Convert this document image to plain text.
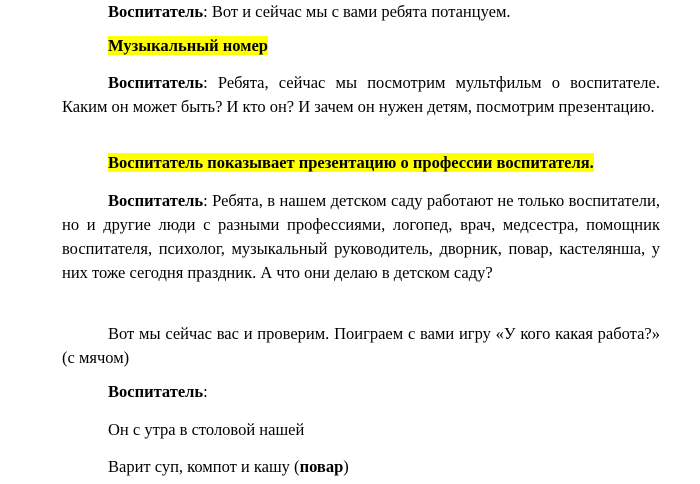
Воспитатель: Вот и сейчас мы с вами ребята потанцуем.

Музыкальный номер

Воспитатель: Ребята, сейчас мы посмотрим мультфильм о воспитателе. Каким он может быть? И кто он? И зачем он нужен детям, посмотрим презентацию.

Воспитатель показывает презентацию о профессии воспитателя.

Воспитатель: Ребята, в нашем детском саду работают не только воспитатели, но и другие люди с разными профессиями, логопед, врач, медсестра, помощник воспитателя, психолог, музыкальный руководитель, дворник, повар, кастелянша, у них тоже сегодня праздник. А что они делаю в детском саду?

Вот мы сейчас вас и проверим. Поиграем с вами игру «У кого какая работа?» (с мячом)

Воспитатель:

Он с утра в столовой нашей

Варит суп, компот и кашу (повар)
